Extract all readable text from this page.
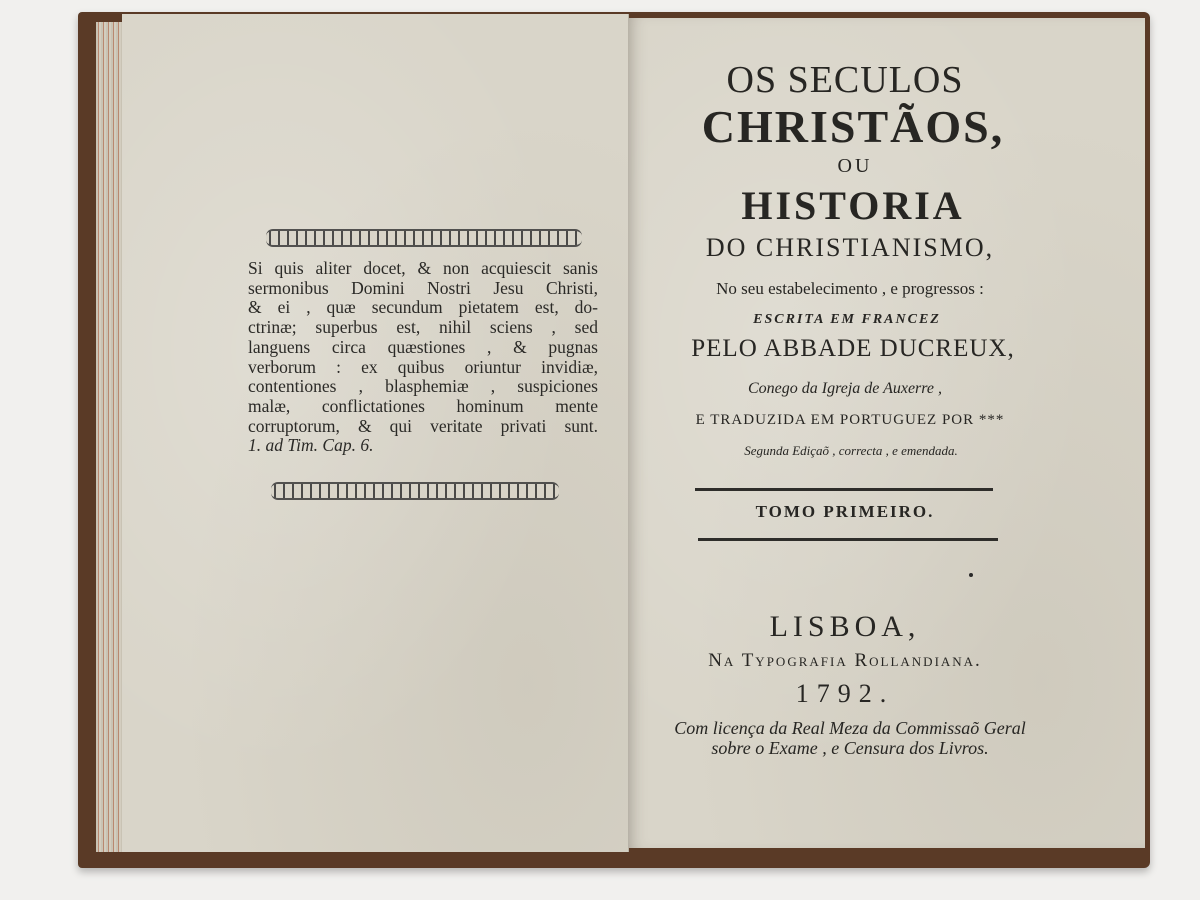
Si quis aliter docet, & non acquiescit sanis
sermonibus Domini Nostri Jesu Christi,
& ei , quæ secundum pietatem est, do-
ctrinæ; superbus est, nihil sciens , sed
languens circa quæstiones , & pugnas
verborum : ex quibus oriuntur invidiæ,
contentiones , blasphemiæ , suspiciones
malæ, conflictationes hominum mente
corruptorum, & qui veritate privati sunt.
1. ad Tim. Cap. 6.
OS SECULOS
CHRISTÃOS,
OU
HISTORIA
DO CHRISTIANISMO,
No seu estabelecimento , e progressos :
ESCRITA EM FRANCEZ
PELO ABBADE DUCREUX,
Conego da Igreja de Auxerre ,
E TRADUZIDA EM PORTUGUEZ POR ***
Segunda Ediçaõ , correcta , e emendada.
TOMO PRIMEIRO.
LISBOA,
Na Typografia Rollandiana.
1792.
Com licença da Real Meza da Commissaõ Geral
sobre o Exame , e Censura dos Livros.
